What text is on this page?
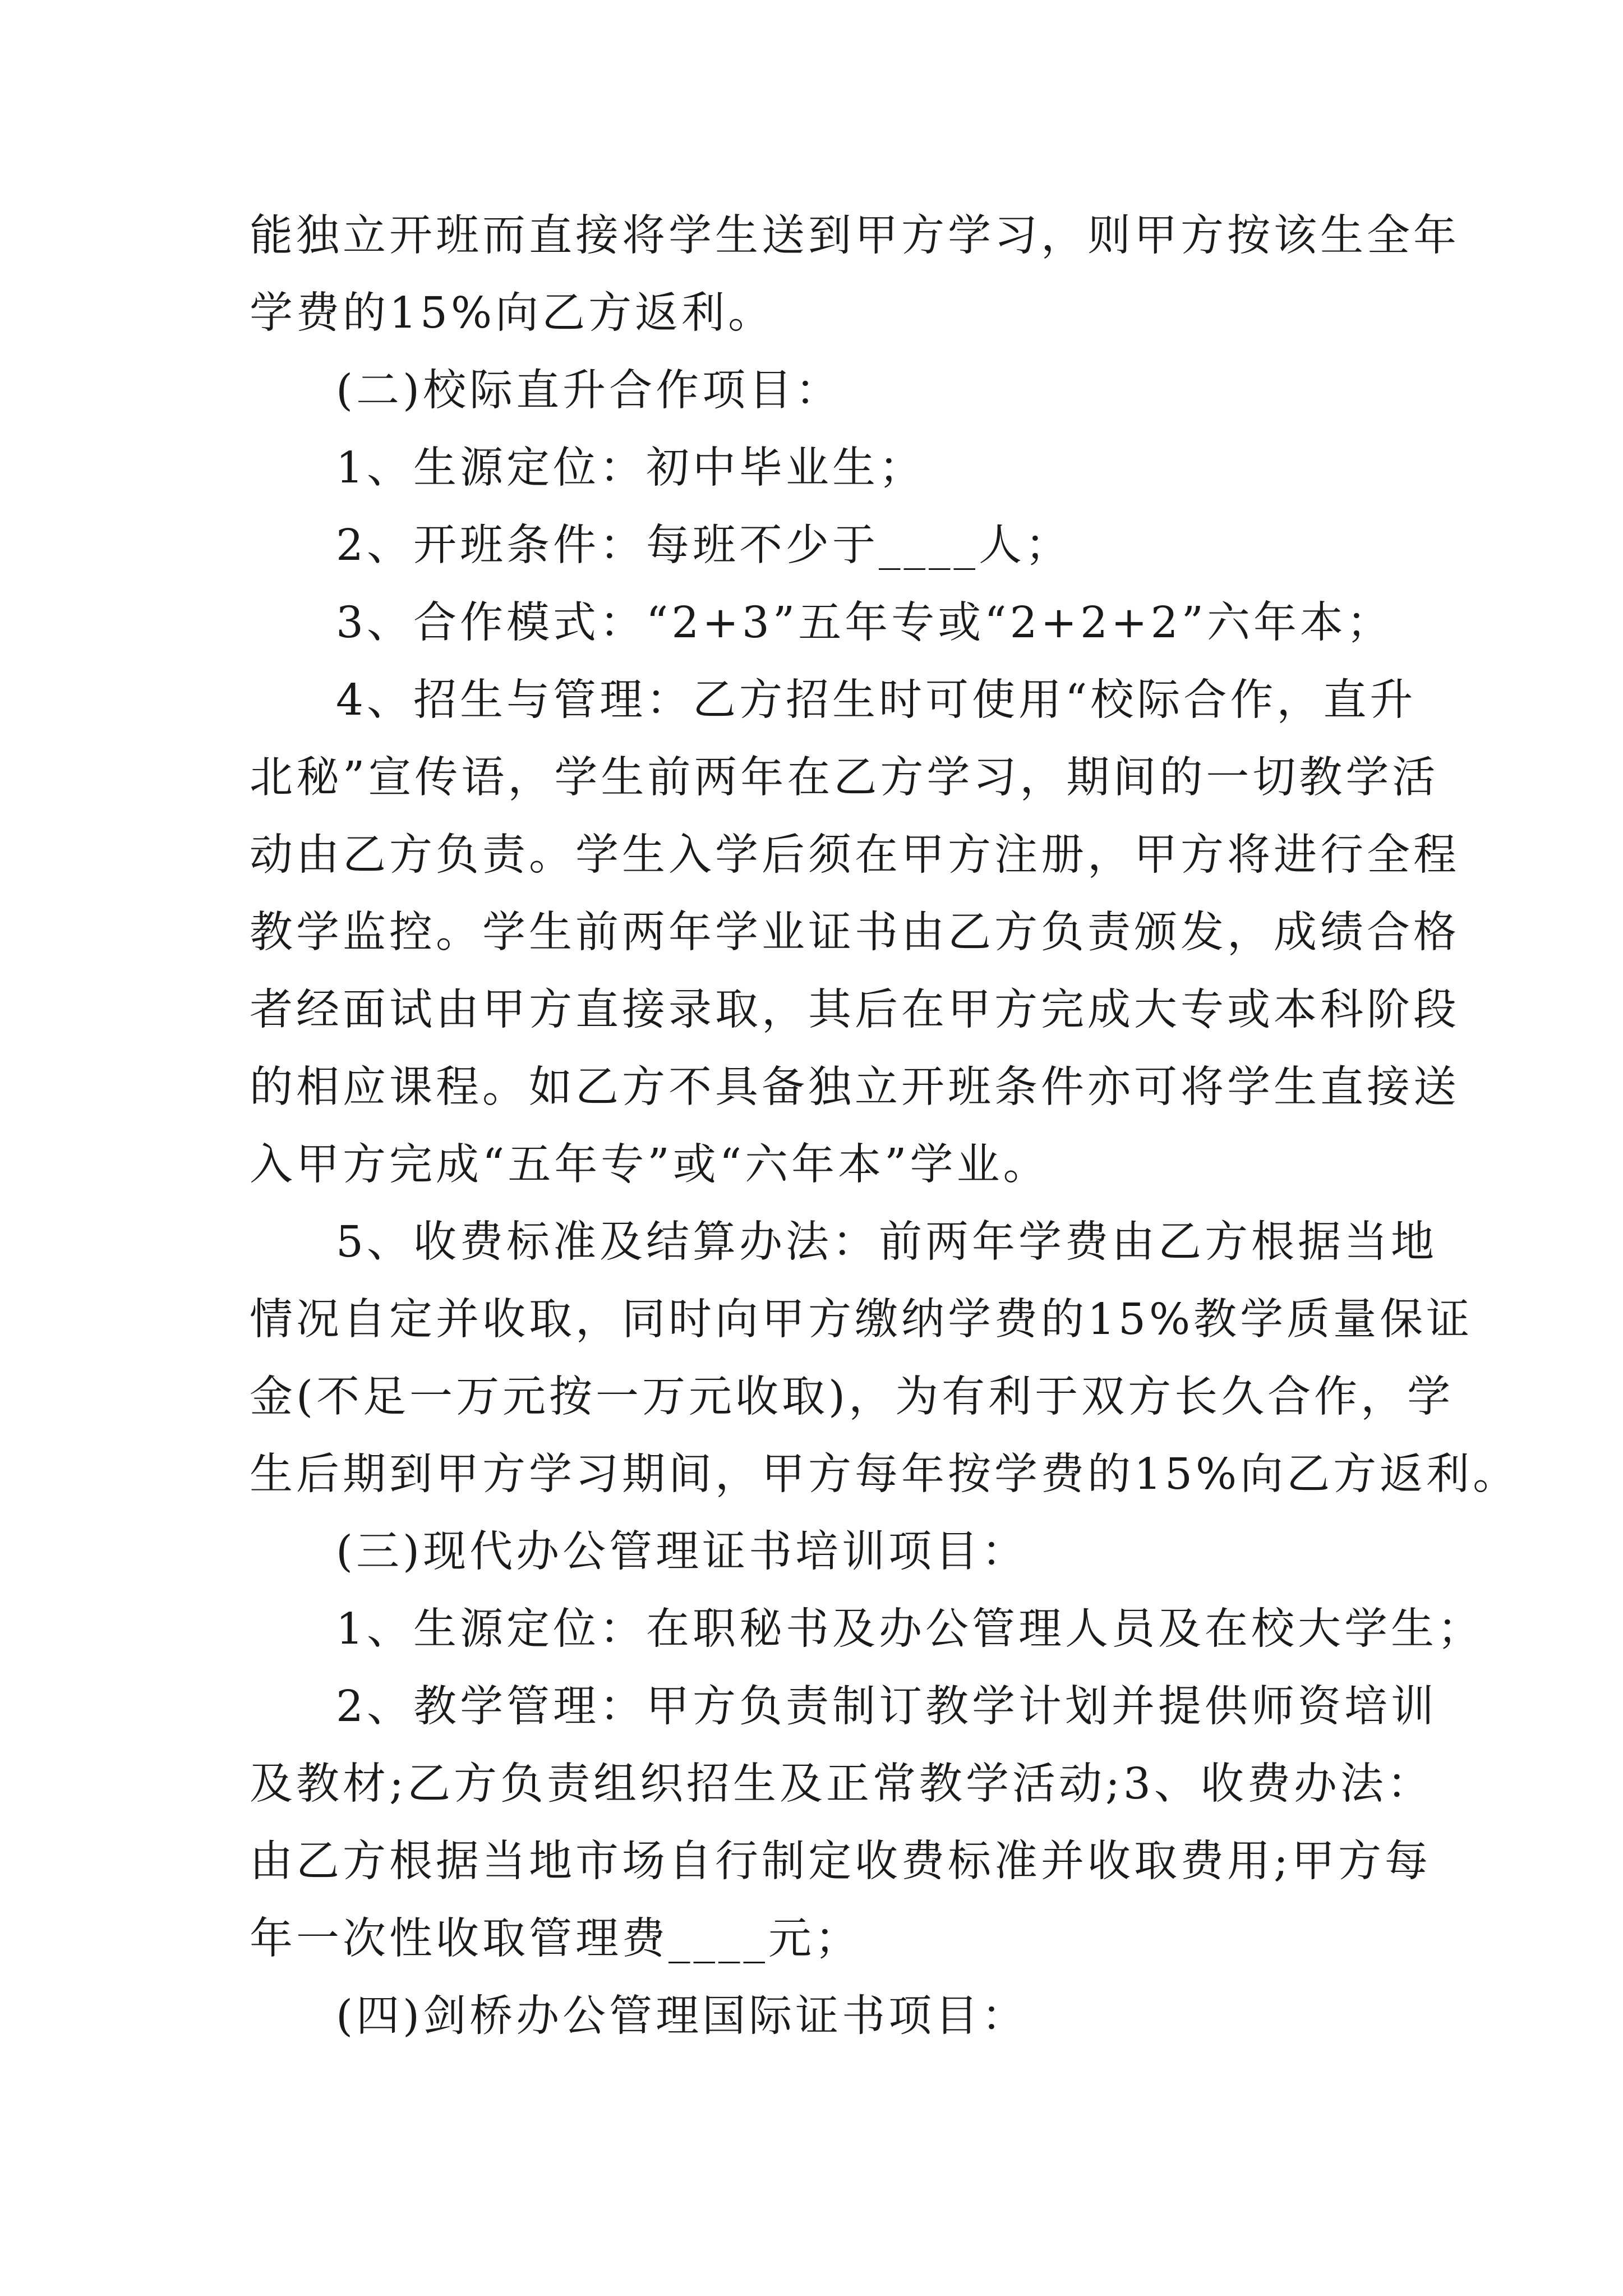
能独立开班而直接将学生送到甲方学习，则甲方按该生全年
学费的15%向乙方返利。
(二)校际直升合作项目：
1、生源定位：初中毕业生；
2、开班条件：每班不少于____人；
3、合作模式：“2+3”五年专或“2+2+2”六年本；
4、招生与管理：乙方招生时可使用“校际合作，直升
北秘”宣传语，学生前两年在乙方学习，期间的一切教学活
动由乙方负责。学生入学后须在甲方注册，甲方将进行全程
教学监控。学生前两年学业证书由乙方负责颁发，成绩合格
者经面试由甲方直接录取，其后在甲方完成大专或本科阶段
的相应课程。如乙方不具备独立开班条件亦可将学生直接送
入甲方完成“五年专”或“六年本”学业。
5、收费标准及结算办法：前两年学费由乙方根据当地
情况自定并收取，同时向甲方缴纳学费的15%教学质量保证
金(不足一万元按一万元收取)，为有利于双方长久合作，学
生后期到甲方学习期间，甲方每年按学费的15%向乙方返利。
(三)现代办公管理证书培训项目：
1、生源定位：在职秘书及办公管理人员及在校大学生；
2、教学管理：甲方负责制订教学计划并提供师资培训
及教材;乙方负责组织招生及正常教学活动;3、收费办法：
由乙方根据当地市场自行制定收费标准并收取费用;甲方每
年一次性收取管理费____元；
(四)剑桥办公管理国际证书项目：
